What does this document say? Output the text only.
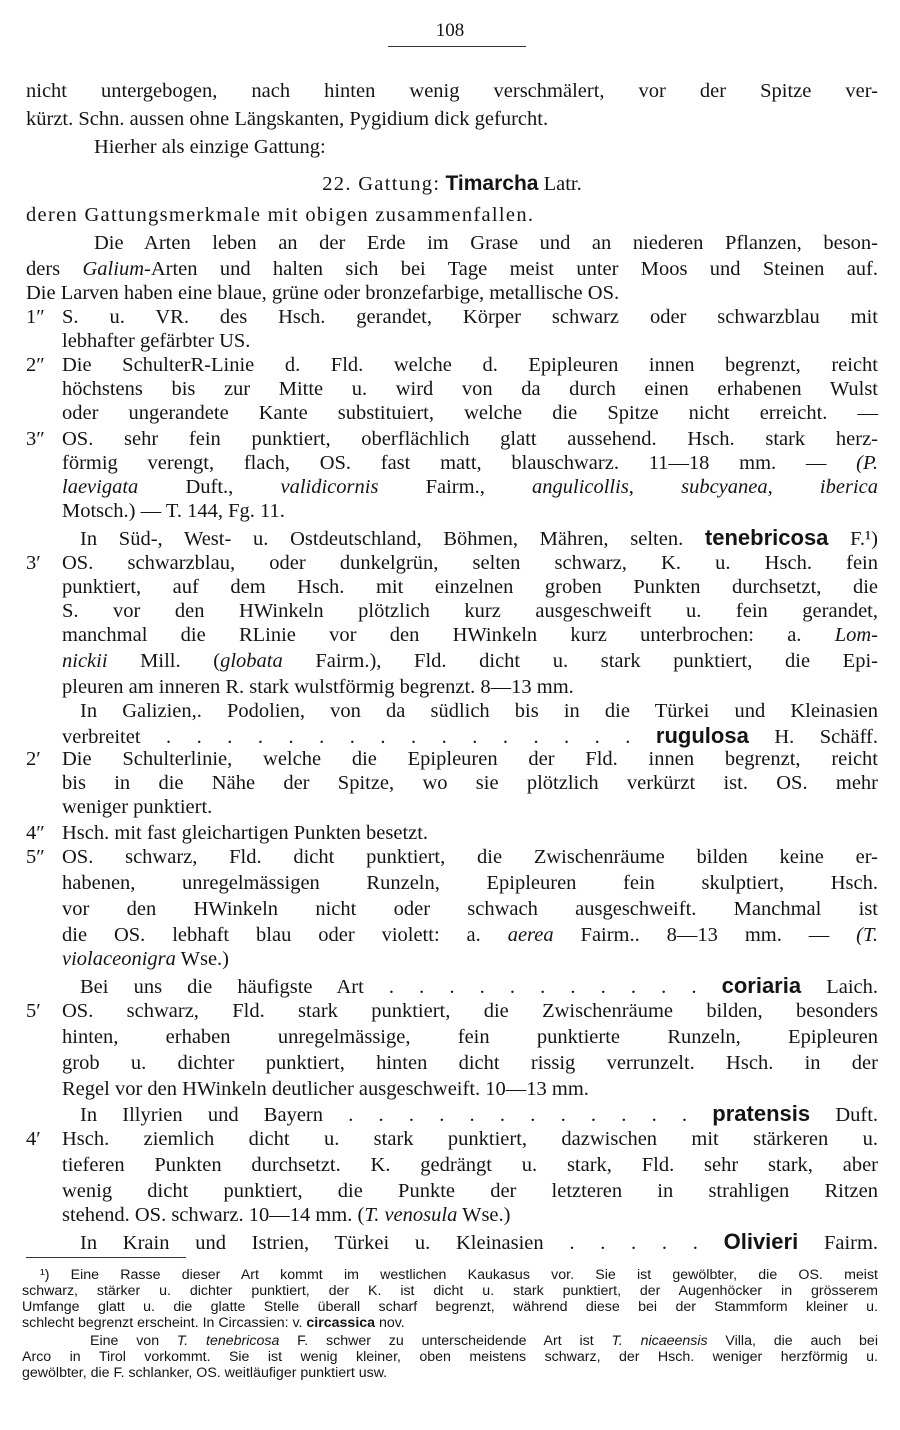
108
nicht untergebogen, nach hinten wenig verschmälert, vor der Spitze ver-
kürzt. Schn. aussen ohne Längskanten, Pygidium dick gefurcht.
Hierher als einzige Gattung:
22. Gattung: Timarcha Latr.
deren Gattungsmerkmale mit obigen zusammenfallen.
Die Arten leben an der Erde im Grase und an niederen Pflanzen, beson-
ders Galium-Arten und halten sich bei Tage meist unter Moos und Steinen auf.
Die Larven haben eine blaue, grüne oder bronzefarbige, metallische OS.
1″ S. u. VR. des Hsch. gerandet, Körper schwarz oder schwarzblau mit
lebhafter gefärbter US.
2″ Die SchulterR-Linie d. Fld. welche d. Epipleuren innen begrenzt, reicht
höchstens bis zur Mitte u. wird von da durch einen erhabenen Wulst
oder ungerandete Kante substituiert, welche die Spitze nicht erreicht. —
3″ OS. sehr fein punktiert, oberflächlich glatt aussehend. Hsch. stark herz-
förmig verengt, flach, OS. fast matt, blauschwarz. 11—18 mm. — (P.
laevigata Duft., validicornis Fairm., angulicollis, subcyanea, iberica
Motsch.) — T. 144, Fg. 11.
In Süd-, West- u. Ostdeutschland, Böhmen, Mähren, selten. tenebricosa F.¹)
3′	OS. schwarzblau, oder dunkelgrün, selten schwarz, K. u. Hsch. fein
punktiert, auf dem Hsch. mit einzelnen groben Punkten durchsetzt, die
S. vor den HWinkeln plötzlich kurz ausgeschweift u. fein gerandet,
manchmal die RLinie vor den HWinkeln kurz unterbrochen: a. Lom-
nickii Mill. (globata Fairm.), Fld. dicht u. stark punktiert, die Epi-
pleuren am inneren R. stark wulstförmig begrenzt. 8—13 mm.
In Galizien,. Podolien, von da südlich bis in die Türkei und Kleinasien
verbreitet . . . . . . . . . . . . . . . . rugulosa H. Schäff.
2′	Die Schulterlinie, welche die Epipleuren der Fld. innen begrenzt, reicht
bis in die Nähe der Spitze, wo sie plötzlich verkürzt ist. OS. mehr
weniger punktiert.
4″ Hsch. mit fast gleichartigen Punkten besetzt.
5″ OS. schwarz, Fld. dicht punktiert, die Zwischenräume bilden keine er-
habenen, unregelmässigen Runzeln, Epipleuren fein skulptiert, Hsch.
vor den HWinkeln nicht oder schwach ausgeschweift. Manchmal ist
die OS. lebhaft blau oder violett: a. aerea Fairm.. 8—13 mm. — (T.
violaceonigra Wse.)
Bei uns die häufigste Art . . . . . . . . . . . coriaria Laich.
5′	OS. schwarz, Fld. stark punktiert, die Zwischenräume bilden, besonders
hinten, erhaben unregelmässige, fein punktierte Runzeln, Epipleuren
grob u. dichter punktiert, hinten dicht rissig verrunzelt. Hsch. in der
Regel vor den HWinkeln deutlicher ausgeschweift. 10—13 mm.
In Illyrien und Bayern . . . . . . . . . . . . pratensis Duft.
4′	Hsch. ziemlich dicht u. stark punktiert, dazwischen mit stärkeren u.
tieferen Punkten durchsetzt. K. gedrängt u. stark, Fld. sehr stark, aber
wenig dicht punktiert, die Punkte der letzteren in strahligen Ritzen
stehend. OS. schwarz. 10—14 mm. (T. venosula Wse.)
In Krain und Istrien, Türkei u. Kleinasien . . . . . Olivieri Fairm.
¹) Eine Rasse dieser Art kommt im westlichen Kaukasus vor. Sie ist gewölbter, die OS. meist
schwarz, stärker u. dichter punktiert, der K. ist dicht u. stark punktiert, der Augenhöcker in grösserem
Umfange glatt u. die glatte Stelle überall scharf begrenzt, während diese bei der Stammform kleiner u.
schlecht begrenzt erscheint. In Circassien: v. circassica nov.
Eine von T. tenebricosa F. schwer zu unterscheidende Art ist T. nicaeensis Villa, die auch bei
Arco in Tirol vorkommt. Sie ist wenig kleiner, oben meistens schwarz, der Hsch. weniger herzförmig u.
gewölbter, die F. schlanker, OS. weitläufiger punktiert usw.
